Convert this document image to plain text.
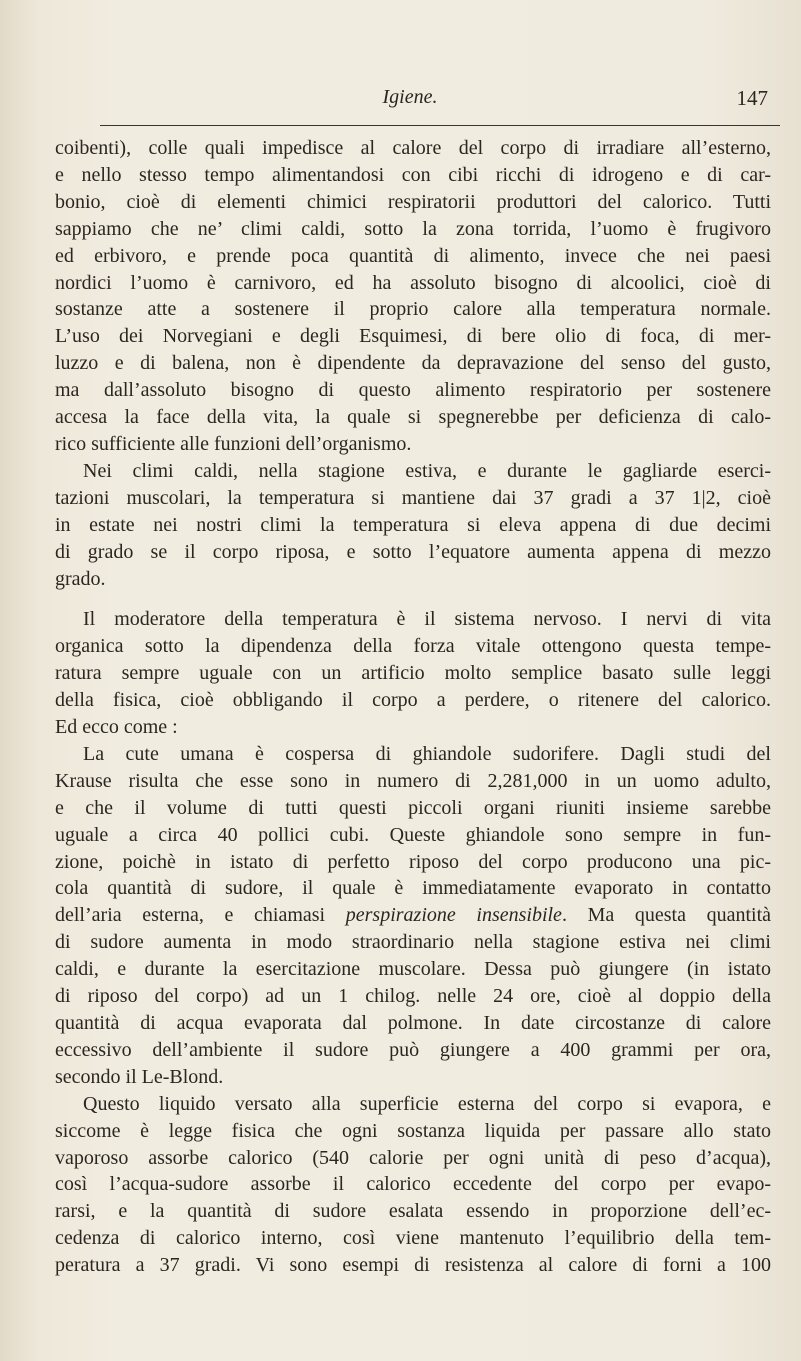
Igiene.	147
coibenti), colle quali impedisce al calore del corpo di irradiare all’esterno,
e nello stesso tempo alimentandosi con cibi ricchi di idrogeno e di car-
bonio, cioè di elementi chimici respiratorii produttori del calorico. Tutti
sappiamo che ne’ climi caldi, sotto la zona torrida, l’uomo è frugivoro
ed erbivoro, e prende poca quantità di alimento, invece che nei paesi
nordici l’uomo è carnivoro, ed ha assoluto bisogno di alcoolici, cioè di
sostanze atte a sostenere il proprio calore alla temperatura normale.
L’uso dei Norvegiani e degli Esquimesi, di bere olio di foca, di mer-
luzzo e di balena, non è dipendente da depravazione del senso del gusto,
ma dall’assoluto bisogno di questo alimento respiratorio per sostenere
accesa la face della vita, la quale si spegnerebbe per deficienza di calo-
rico sufficiente alle funzioni dell’organismo.
Nei climi caldi, nella stagione estiva, e durante le gagliarde eserci-
tazioni muscolari, la temperatura si mantiene dai 37 gradi a 37 1|2, cioè
in estate nei nostri climi la temperatura si eleva appena di due decimi
di grado se il corpo riposa, e sotto l’equatore aumenta appena di mezzo
grado.
Il moderatore della temperatura è il sistema nervoso. I nervi di vita
organica sotto la dipendenza della forza vitale ottengono questa tempe-
ratura sempre uguale con un artificio molto semplice basato sulle leggi
della fisica, cioè obbligando il corpo a perdere, o ritenere del calorico.
Ed ecco come :
La cute umana è cospersa di ghiandole sudorifere. Dagli studi del
Krause risulta che esse sono in numero di 2,281,000 in un uomo adulto,
e che il volume di tutti questi piccoli organi riuniti insieme sarebbe
uguale a circa 40 pollici cubi. Queste ghiandole sono sempre in fun-
zione, poichè in istato di perfetto riposo del corpo producono una pic-
cola quantità di sudore, il quale è immediatamente evaporato in contatto
dell’aria esterna, e chiamasi perspirazione insensibile. Ma questa quantità
di sudore aumenta in modo straordinario nella stagione estiva nei climi
caldi, e durante la esercitazione muscolare. Dessa può giungere (in istato
di riposo del corpo) ad un 1 chilog. nelle 24 ore, cioè al doppio della
quantità di acqua evaporata dal polmone. In date circostanze di calore
eccessivo dell’ambiente il sudore può giungere a 400 grammi per ora,
secondo il Le-Blond.
Questo liquido versato alla superficie esterna del corpo si evapora, e
siccome è legge fisica che ogni sostanza liquida per passare allo stato
vaporoso assorbe calorico (540 calorie per ogni unità di peso d’acqua),
così l’acqua-sudore assorbe il calorico eccedente del corpo per evapo-
rarsi, e la quantità di sudore esalata essendo in proporzione dell’ec-
cedenza di calorico interno, così viene mantenuto l’equilibrio della tem-
peratura a 37 gradi. Vi sono esempi di resistenza al calore di forni a 100
